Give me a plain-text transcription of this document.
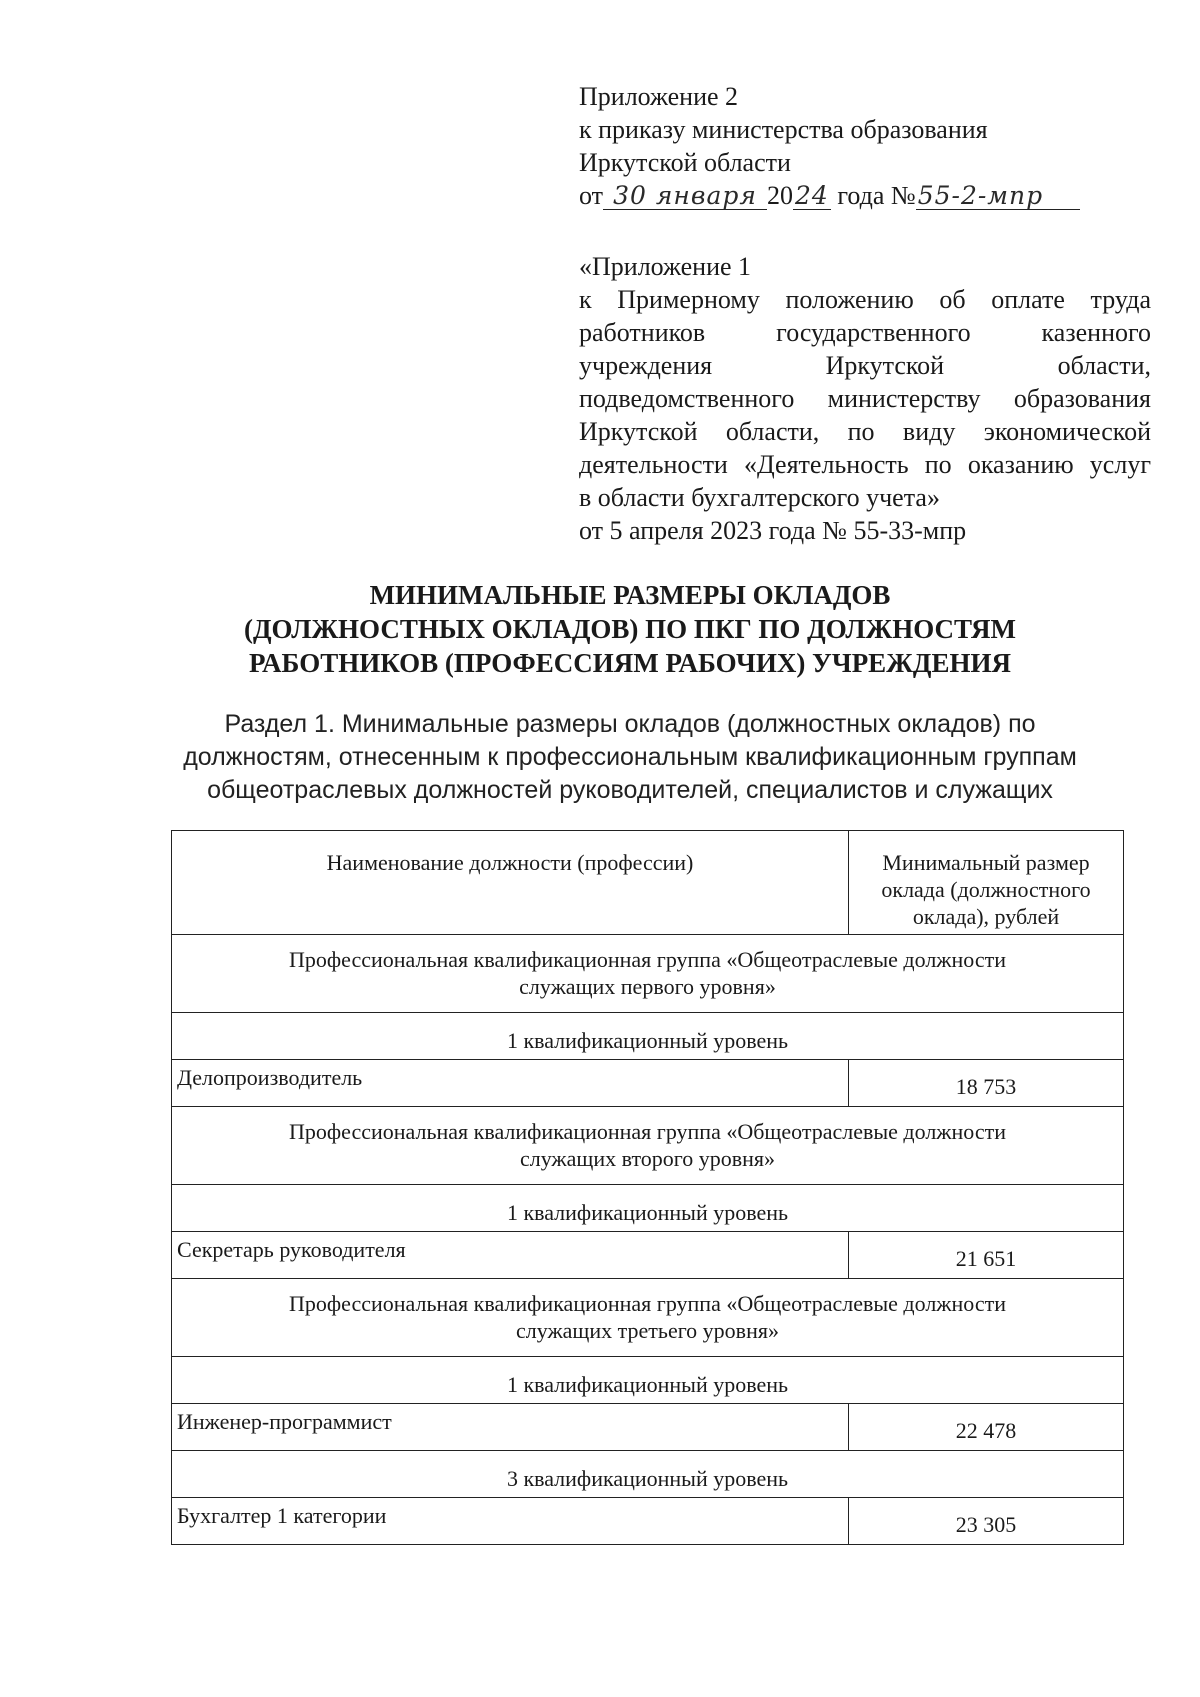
Приложение 2
к приказу министерства образования
Иркутской области
от 30 января 2024 года №55-2-мпр
«Приложение 1
к Примерному положению об оплате труда
работников государственного казенного
учреждения Иркутской области,
подведомственного министерству образования
Иркутской области, по виду экономической
деятельности «Деятельность по оказанию услуг
в области бухгалтерского учета»
от 5 апреля 2023 года № 55-33-мпр
МИНИМАЛЬНЫЕ РАЗМЕРЫ ОКЛАДОВ
(ДОЛЖНОСТНЫХ ОКЛАДОВ) ПО ПКГ ПО ДОЛЖНОСТЯМ
РАБОТНИКОВ (ПРОФЕССИЯМ РАБОЧИХ) УЧРЕЖДЕНИЯ
Раздел 1. Минимальные размеры окладов (должностных окладов) по
должностям, отнесенным к профессиональным квалификационным группам
общеотраслевых должностей руководителей, специалистов и служащих
Наименование должности (профессии)	Минимальный размер
оклада (должностного
оклада), рублей

Профессиональная квалификационная группа «Общеотраслевые должности
служащих первого уровня»	

1 квалификационный уровень	
Делопроизводитель	18 753

Профессиональная квалификационная группа «Общеотраслевые должности
служащих второго уровня»	

1 квалификационный уровень	
Секретарь руководителя	21 651

Профессиональная квалификационная группа «Общеотраслевые должности
служащих третьего уровня»	

1 квалификационный уровень	
Инженер-программист	22 478
3 квалификационный уровень	
Бухгалтер 1 категории	23 305
